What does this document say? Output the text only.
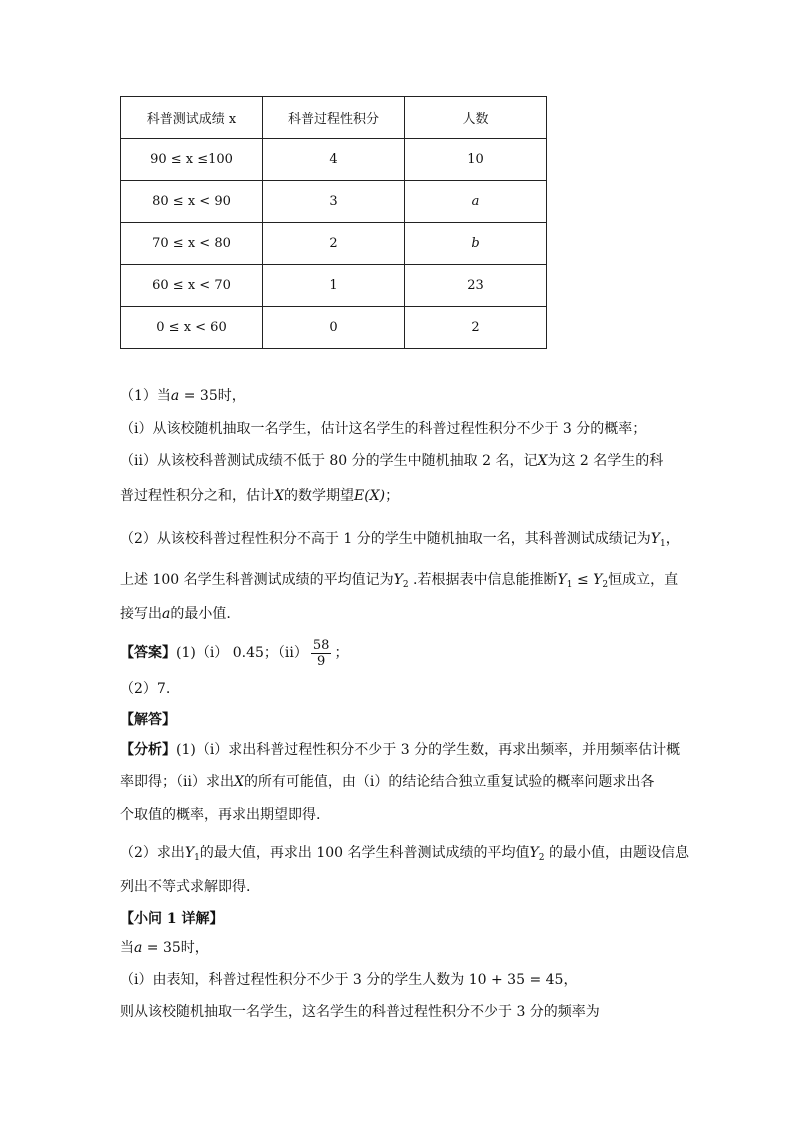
科普测试成绩 x	科普过程性积分	人数
90 ≤ x ≤100	4	10
80 ≤ x < 90	3	a
70 ≤ x < 80	2	b
60 ≤ x < 70	1	23
0 ≤ x < 60	0	2
（1）当a = 35时，
（i）从该校随机抽取一名学生，估计这名学生的科普过程性积分不少于 3 分的概率；
（ⅱ）从该校科普测试成绩不低于 80 分的学生中随机抽取 2 名，记X为这 2 名学生的科
普过程性积分之和，估计X的数学期望E(X)；
（2）从该校科普过程性积分不高于 1 分的学生中随机抽取一名，其科普测试成绩记为$Y_1$，
上述 100 名学生科普测试成绩的平均值记为$Y_2$ .若根据表中信息能推断$Y_1 \le Y_2$恒成立，直
接写出a的最小值.
【答案】(1)（i） 0.45；（ⅱ） $\frac{58}{9}$ ；
（2）7.
【解答】
【分析】(1)（i）求出科普过程性积分不少于 3 分的学生数，再求出频率，并用频率估计概
率即得；（ⅱ）求出X的所有可能值，由（i）的结论结合独立重复试验的概率问题求出各
个取值的概率，再求出期望即得.
（2）求出$Y_1$的最大值，再求出 100 名学生科普测试成绩的平均值$Y_2$ 的最小值，由题设信息
列出不等式求解即得.
【小问 1 详解】
当a = 35时，
（i）由表知，科普过程性积分不少于 3 分的学生人数为 10 + 35 = 45，
则从该校随机抽取一名学生，这名学生的科普过程性积分不少于 3 分的频率为
